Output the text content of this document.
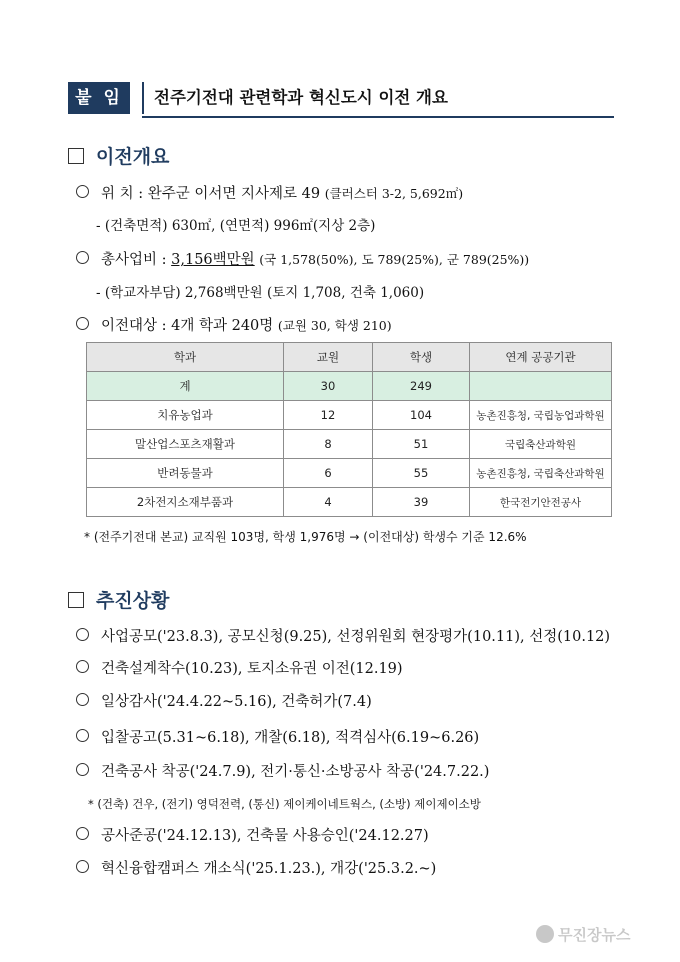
붙 임	전주기전대 관련학과 혁신도시 이전 개요
이전개요
위 치 : 완주군 이서면 지사제로 49 (클러스터 3-2, 5,692㎡)
- (건축면적) 630㎡, (연면적) 996㎡(지상 2층)
총사업비 : 3,156백만원 (국 1,578(50%), 도 789(25%), 군 789(25%))
- (학교자부담) 2,768백만원 (토지 1,708, 건축 1,060)
이전대상 : 4개 학과 240명 (교원 30, 학생 210)
학과	교원	학생	연계 공공기관
계	30	249	
치유농업과	12	104	농촌진흥청, 국립농업과학원
말산업스포츠재활과	8	51	국립축산과학원
반려동물과	6	55	농촌진흥청, 국립축산과학원
2차전지소재부품과	4	39	한국전기안전공사
* (전주기전대 본교) 교직원 103명, 학생 1,976명 → (이전대상) 학생수 기준 12.6%
추진상황
사업공모('23.8.3), 공모신청(9.25), 선정위원회 현장평가(10.11), 선정(10.12)
건축설계착수(10.23), 토지소유권 이전(12.19)
일상감사('24.4.22~5.16), 건축허가(7.4)
입찰공고(5.31~6.18), 개찰(6.18), 적격심사(6.19~6.26)
건축공사 착공('24.7.9), 전기·통신·소방공사 착공('24.7.22.)
* (건축) 건우, (전기) 영덕전력, (통신) 제이케이네트웍스, (소방) 제이제이소방
공사준공('24.12.13), 건축물 사용승인('24.12.27)
혁신융합캠퍼스 개소식('25.1.23.), 개강('25.3.2.~)
무진장뉴스
